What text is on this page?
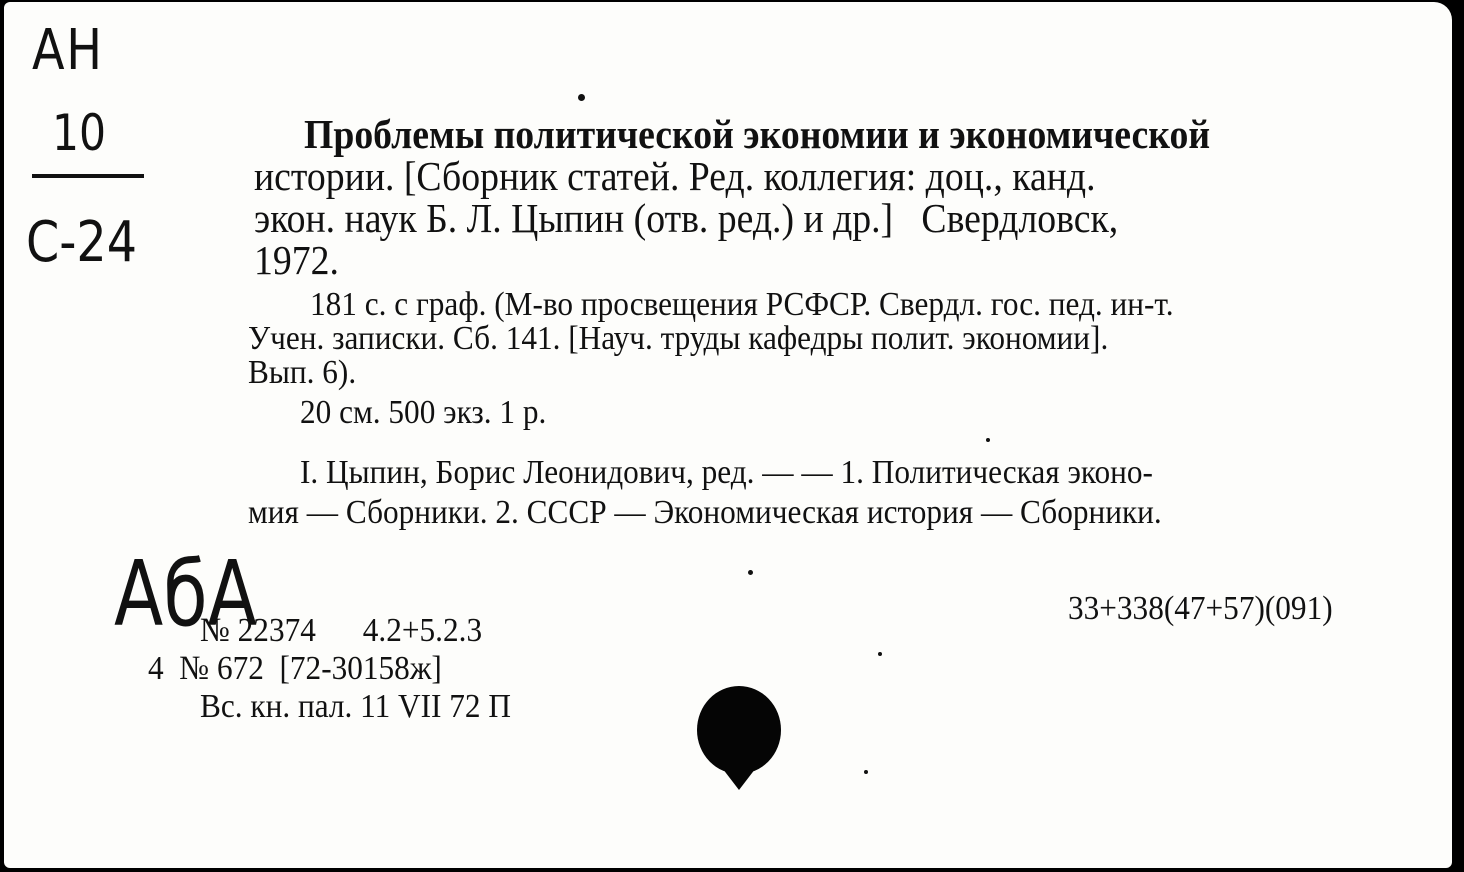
АН
10
С-24
Проблемы политической экономии и экономической
истории. [Сборник статей. Ред. коллегия: доц., канд.
экон. наук Б. Л. Цыпин (отв. ред.) и др.]   Свердловск,
1972.
181 с. с граф. (М-во просвещения РСФСР. Свердл. гос. пед. ин-т.
Учен. записки. Сб. 141. [Науч. труды кафедры полит. экономии].
Вып. 6).
20 см. 500 экз. 1 р.
I. Цыпин, Борис Леонидович, ред. — — 1. Политическая эконо-
мия — Сборники. 2. СССР — Экономическая история — Сборники.
33+338(47+57)(091)
АбА
№ 22374      4.2+5.2.3
4  № 672  [72-30158ж]
Вс. кн. пал. 11 VII 72 П
